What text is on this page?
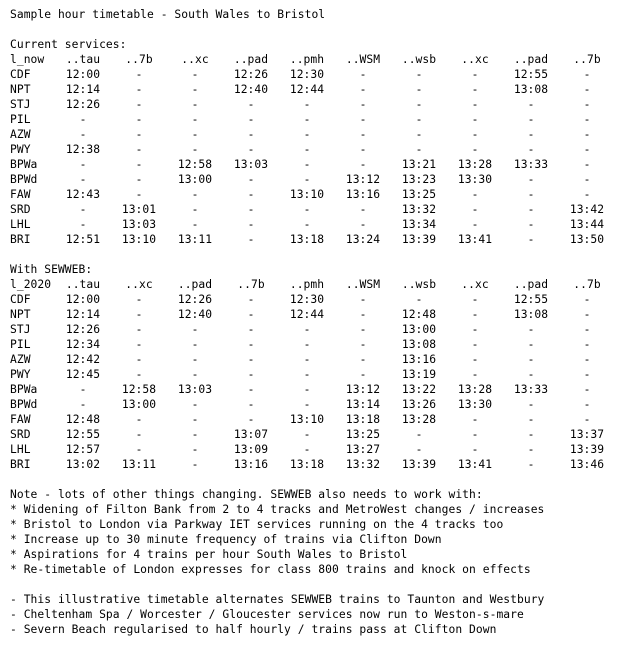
Sample hour timetable - South Wales to Bristol
Current services:
l_now	..tau	..7b	..xc	..pad	..pmh	..WSM	..wsb	..xc	..pad	..7b
CDF	12:00	-	-	12:26	12:30	-	-	-	12:55	-
NPT	12:14	-	-	12:40	12:44	-	-	-	13:08	-
STJ	12:26	-	-	-	-	-	-	-	-	-
PIL	-	-	-	-	-	-	-	-	-	-
AZW	-	-	-	-	-	-	-	-	-	-
PWY	12:38	-	-	-	-	-	-	-	-	-
BPWa	-	-	12:58	13:03	-	-	13:21	13:28	13:33	-
BPWd	-	-	13:00	-	-	13:12	13:23	13:30	-	-
FAW	12:43	-	-	-	13:10	13:16	13:25	-	-	-
SRD	-	13:01	-	-	-	-	13:32	-	-	13:42
LHL	-	13:03	-	-	-	-	13:34	-	-	13:44
BRI	12:51	13:10	13:11	-	13:18	13:24	13:39	13:41	-	13:50
With SEWWEB:
l_2020	..tau	..xc	..pad	..7b	..pmh	..WSM	..wsb	..xc	..pad	..7b
CDF	12:00	-	12:26	-	12:30	-	-	-	12:55	-
NPT	12:14	-	12:40	-	12:44	-	12:48	-	13:08	-
STJ	12:26	-	-	-	-	-	13:00	-	-	-
PIL	12:34	-	-	-	-	-	13:08	-	-	-
AZW	12:42	-	-	-	-	-	13:16	-	-	-
PWY	12:45	-	-	-	-	-	13:19	-	-	-
BPWa	-	12:58	13:03	-	-	13:12	13:22	13:28	13:33	-
BPWd	-	13:00	-	-	-	13:14	13:26	13:30	-	-
FAW	12:48	-	-	-	13:10	13:18	13:28	-	-	-
SRD	12:55	-	-	13:07	-	13:25	-	-	-	13:37
LHL	12:57	-	-	13:09	-	13:27	-	-	-	13:39
BRI	13:02	13:11	-	13:16	13:18	13:32	13:39	13:41	-	13:46
Note - lots of other things changing. SEWWEB also needs to work with:
* Widening of Filton Bank from 2 to 4 tracks and MetroWest changes / increases
* Bristol to London via Parkway IET services running on the 4 tracks too
* Increase up to 30 minute frequency of trains via Clifton Down
* Aspirations for 4 trains per hour South Wales to Bristol
* Re-timetable of London expresses for class 800 trains and knock on effects
- This illustrative timetable alternates SEWWEB trains to Taunton and Westbury
- Cheltenham Spa / Worcester / Gloucester services now run to Weston-s-mare
- Severn Beach regularised to half hourly / trains pass at Clifton Down
